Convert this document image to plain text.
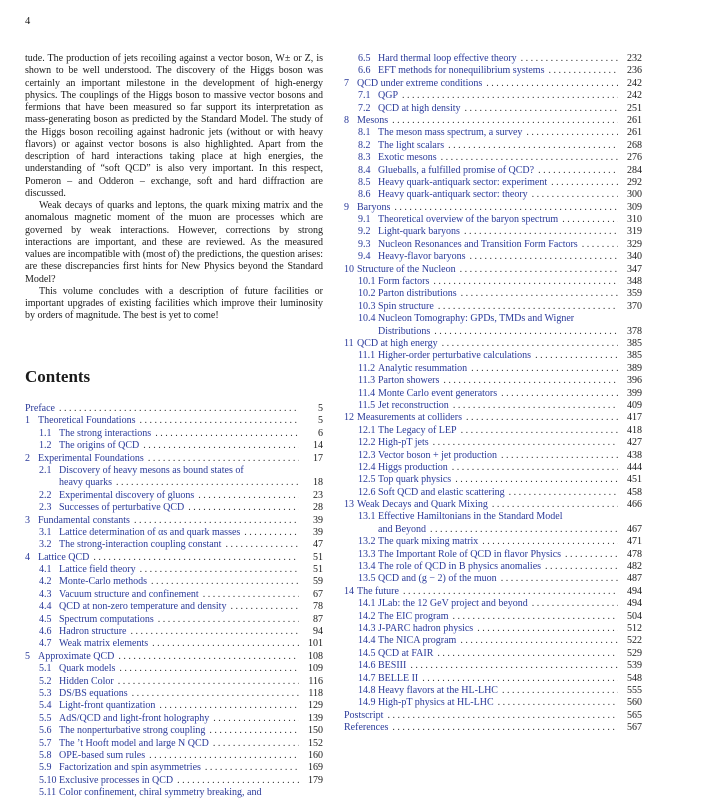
4

tude. The production of jets recoiling against a vector boson, W± or Z, is shown to be well understood. The discovery of the Higgs boson was certainly an important milestone in the development of high-energy physics. The couplings of the Higgs boson to massive vector bosons and fermions that have been measured so far support its interpretation as mass-generating boson as predicted by the Standard Model. The study of the Higgs boson recoiling against hadronic jets (without or with heavy flavors) or against vector bosons is also highlighted. Apart from the description of hard interactions taking place at high energies, the understanding of “soft QCD” is also very important. In this respect, Pomeron – and Odderon – exchange, soft and hard diffraction are discussed.

Weak decays of quarks and leptons, the quark mixing matrix and the anomalous magnetic moment of the muon are processes which are governed by weak interactions. However, corrections by strong interactions are important, and these are reviewed. As the measured values are incompatible with (most of) the predictions, the question arises: are these discrepancies first hints for New Physics beyond the Standard Model?

This volume concludes with a description of future facilities or important upgrades of existing facilities which improve their luminosity by orders of magnitude. The best is yet to come!

Contents
Preface . . .	5
1 Theoretical Foundations . . .	5
1.1 The strong interactions . . .	6
1.2 The origins of QCD . . .	14
2 Experimental Foundations . . .	17
2.1 Discovery of heavy mesons as bound states of
heavy quarks . . .	18
2.2 Experimental discovery of gluons . . .	23
2.3 Successes of perturbative QCD . . .	28
3 Fundamental constants . . .	39
3.1 Lattice determination of αs and quark masses . . .	39
3.2 The strong-interaction coupling constant . . .	47
4 Lattice QCD . . .	51
4.1 Lattice field theory . . .	51
4.2 Monte-Carlo methods . . .	59
4.3 Vacuum structure and confinement . . .	67
4.4 QCD at non-zero temperature and density . . .	78
4.5 Spectrum computations . . .	87
4.6 Hadron structure . . .	94
4.7 Weak matrix elements . . .	101
5 Approximate QCD . . .	108
5.1 Quark models . . .	109
5.2 Hidden Color . . .	116
5.3 DS/BS equations . . .	118
5.4 Light-front quantization . . .	129
5.5 AdS/QCD and light-front holography . . .	139
5.6 The nonperturbative strong coupling . . .	150
5.7 The ’t Hooft model and large N QCD . . .	152
5.8 OPE-based sum rules . . .	160
5.9 Factorization and spin asymmetries . . .	169
5.10 Exclusive processes in QCD . . .	179
5.11 Color confinement, chiral symmetry breaking, and
6.5 Hard thermal loop effective theory . . .	232
6.6 EFT methods for nonequilibrium systems . . .	236
7 QCD under extreme conditions . . .	242
7.1 QGP . . .	242
7.2 QCD at high density . . .	251
8 Mesons . . .	261
8.1 The meson mass spectrum, a survey . . .	261
8.2 The light scalars . . .	268
8.3 Exotic mesons . . .	276
8.4 Glueballs, a fulfilled promise of QCD? . . .	284
8.5 Heavy quark-antiquark sector: experiment . . .	292
8.6 Heavy quark-antiquark sector: theory . . .	300
9 Baryons . . .	309
9.1 Theoretical overview of the baryon spectrum . . .	310
9.2 Light-quark baryons . . .	319
9.3 Nucleon Resonances and Transition Form Factors . . .	329
9.4 Heavy-flavor baryons . . .	340
10 Structure of the Nucleon . . .	347
10.1 Form factors . . .	348
10.2 Parton distributions . . .	359
10.3 Spin structure . . .	370
10.4 Nucleon Tomography: GPDs, TMDs and Wigner
Distributions . . .	378
11 QCD at high energy . . .	385
11.1 Higher-order perturbative calculations . . .	385
11.2 Analytic resummation . . .	389
11.3 Parton showers . . .	396
11.4 Monte Carlo event generators . . .	399
11.5 Jet reconstruction . . .	409
12 Measurements at colliders . . .	417
12.1 The Legacy of LEP . . .	418
12.2 High-pT jets . . .	427
12.3 Vector boson + jet production . . .	438
12.4 Higgs production . . .	444
12.5 Top quark physics . . .	451
12.6 Soft QCD and elastic scattering . . .	458
13 Weak Decays and Quark Mixing . . .	466
13.1 Effective Hamiltonians in the Standard Model
and Beyond . . .	467
13.2 The quark mixing matrix . . .	471
13.3 The Important Role of QCD in flavor Physics . . .	478
13.4 The role of QCD in B physics anomalies . . .	482
13.5 QCD and (g − 2) of the muon . . .	487
14 The future . . .	494
14.1 JLab: the 12 GeV project and beyond . . .	494
14.2 The EIC program . . .	504
14.3 J-PARC hadron physics . . .	512
14.4 The NICA program . . .	522
14.5 QCD at FAIR . . .	529
14.6 BESIII . . .	539
14.7 BELLE II . . .	548
14.8 Heavy flavors at the HL-LHC . . .	555
14.9 High-pT physics at HL-LHC . . .	560
Postscript . . .	565
References . . .	567
